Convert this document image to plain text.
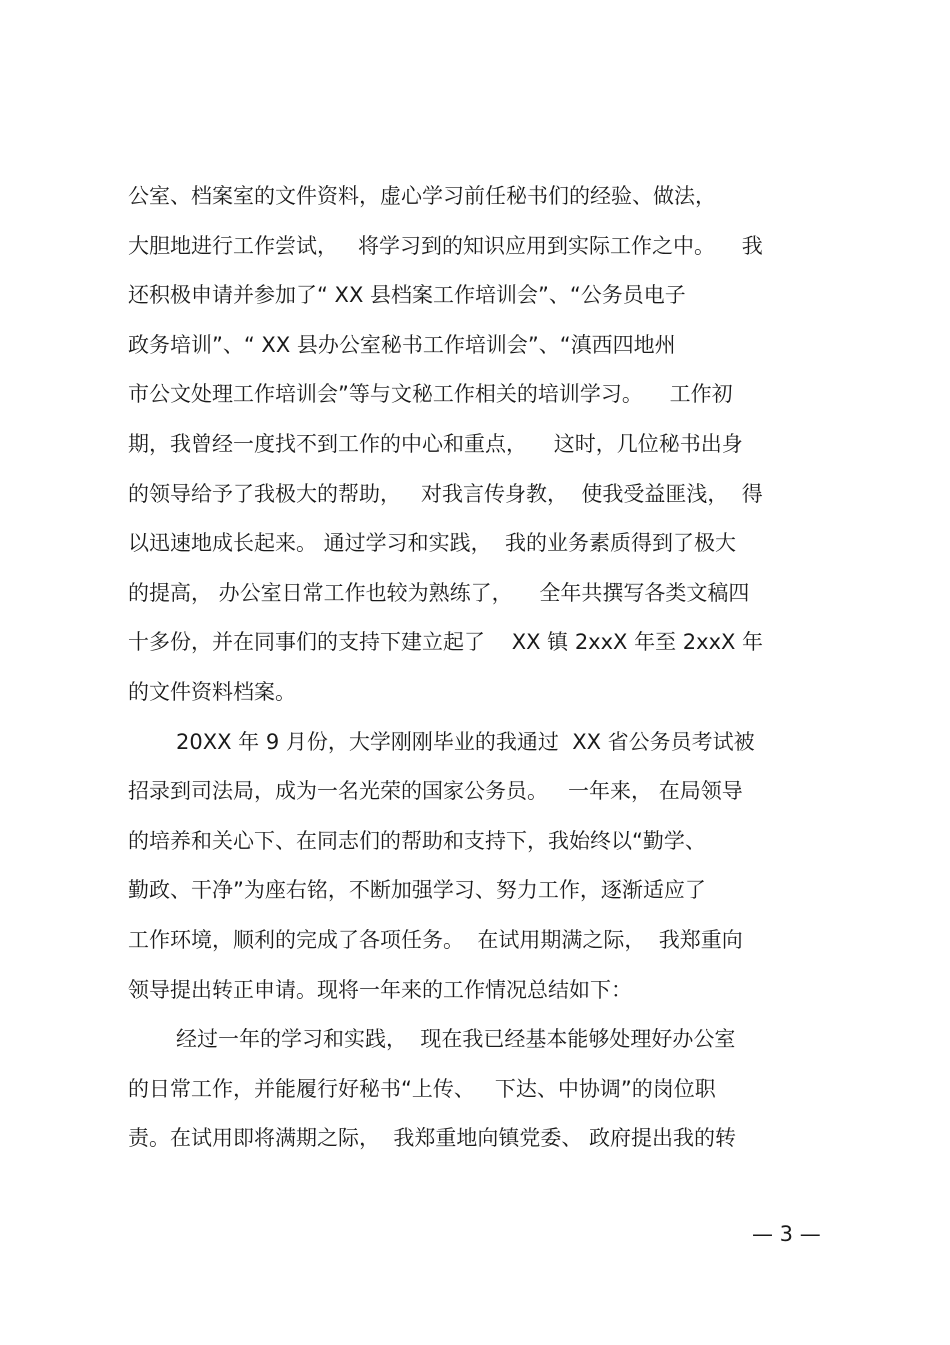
公室、档案室的文件资料，虚心学习前任秘书们的经验、做法，
大胆地进行工作尝试，   将学习到的知识应用到实际工作之中。    我
还积极申请并参加了“ XX 县档案工作培训会”、“公务员电子
政务培训”、“ XX 县办公室秘书工作培训会”、“滇西四地州
市公文处理工作培训会”等与文秘工作相关的培训学习。    工作初
期，我曾经一度找不到工作的中心和重点，    这时，几位秘书出身
的领导给予了我极大的帮助，   对我言传身教，  使我受益匪浅，  得
以迅速地成长起来。 通过学习和实践，  我的业务素质得到了极大
的提高， 办公室日常工作也较为熟练了，    全年共撰写各类文稿四
十多份，并在同事们的支持下建立起了    XX 镇 2xxX 年至 2xxX 年
的文件资料档案。
20XX 年 9 月份，大学刚刚毕业的我通过  XX 省公务员考试被
招录到司法局，成为一名光荣的国家公务员。   一年来， 在局领导
的培养和关心下、在同志们的帮助和支持下，我始终以“勤学、
勤政、干净”为座右铭，不断加强学习、努力工作，逐渐适应了
工作环境，顺利的完成了各项任务。  在试用期满之际，  我郑重向
领导提出转正申请。现将一年来的工作情况总结如下：
经过一年的学习和实践，  现在我已经基本能够处理好办公室
的日常工作，并能履行好秘书“上传、   下达、中协调”的岗位职
责。在试用即将满期之际，  我郑重地向镇党委、 政府提出我的转
— 3 —
